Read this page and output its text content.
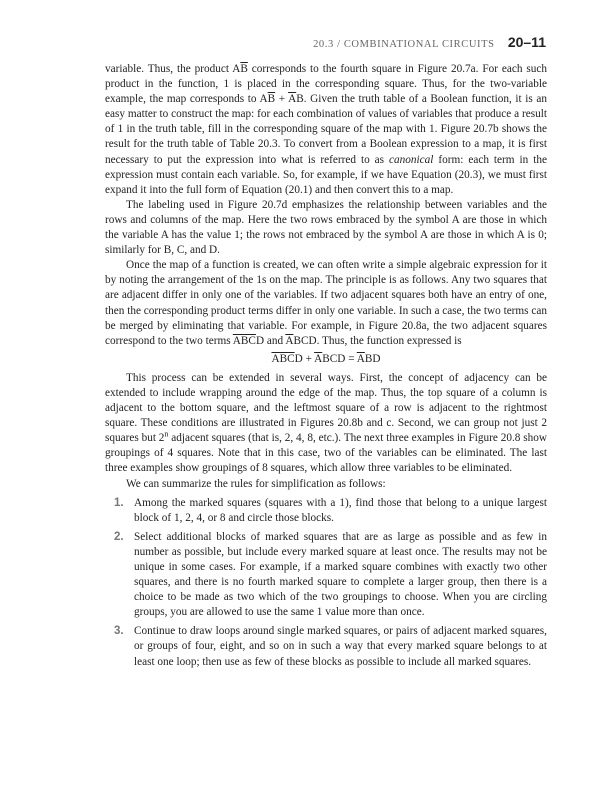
20.3 / COMBINATIONAL CIRCUITS 20–11

variable. Thus, the product $A\overline{B}$ corresponds to the fourth square in Figure 20.7a. For each such product in the function, 1 is placed in the corresponding square. Thus, for the two-variable example, the map corresponds to $A\overline{B} + \overline{A}B$. Given the truth table of a Boolean function, it is an easy matter to construct the map: for each combination of values of variables that produce a result of 1 in the truth table, fill in the corresponding square of the map with 1. Figure 20.7b shows the result for the truth table of Table 20.3. To convert from a Boolean expression to a map, it is first necessary to put the expression into what is referred to as canonical form: each term in the expression must contain each variable. So, for example, if we have Equation (20.3), we must first expand it into the full form of Equation (20.1) and then convert this to a map.

The labeling used in Figure 20.7d emphasizes the relationship between variables and the rows and columns of the map. Here the two rows embraced by the symbol A are those in which the variable A has the value 1; the rows not embraced by the symbol A are those in which A is 0; similarly for B, C, and D.

Once the map of a function is created, we can often write a simple algebraic expression for it by noting the arrangement of the 1s on the map. The principle is as follows. Any two squares that are adjacent differ in only one of the variables. If two adjacent squares both have an entry of one, then the corresponding product terms differ in only one variable. In such a case, the two terms can be merged by eliminating that variable. For example, in Figure 20.8a, the two adjacent squares correspond to the two terms $\overline{ABC}D$ and $\overline{A}BCD$. Thus, the function expressed is

$\overline{ABC}D + \overline{A}BCD = \overline{A}BD$

This process can be extended in several ways. First, the concept of adjacency can be extended to include wrapping around the edge of the map. Thus, the top square of a column is adjacent to the bottom square, and the leftmost square of a row is adjacent to the rightmost square. These conditions are illustrated in Figures 20.8b and c. Second, we can group not just 2 squares but 2$^n$ adjacent squares (that is, 2, 4, 8, etc.). The next three examples in Figure 20.8 show groupings of 4 squares. Note that in this case, two of the variables can be eliminated. The last three examples show groupings of 8 squares, which allow three variables to be eliminated.

We can summarize the rules for simplification as follows:

1. Among the marked squares (squares with a 1), find those that belong to a unique largest block of 1, 2, 4, or 8 and circle those blocks.
2. Select additional blocks of marked squares that are as large as possible and as few in number as possible, but include every marked square at least once. The results may not be unique in some cases. For example, if a marked square combines with exactly two other squares, and there is no fourth marked square to complete a larger group, then there is a choice to be made as two which of the two groupings to choose. When you are circling groups, you are allowed to use the same 1 value more than once.
3. Continue to draw loops around single marked squares, or pairs of adjacent marked squares, or groups of four, eight, and so on in such a way that every marked square belongs to at least one loop; then use as few of these blocks as possible to include all marked squares.
